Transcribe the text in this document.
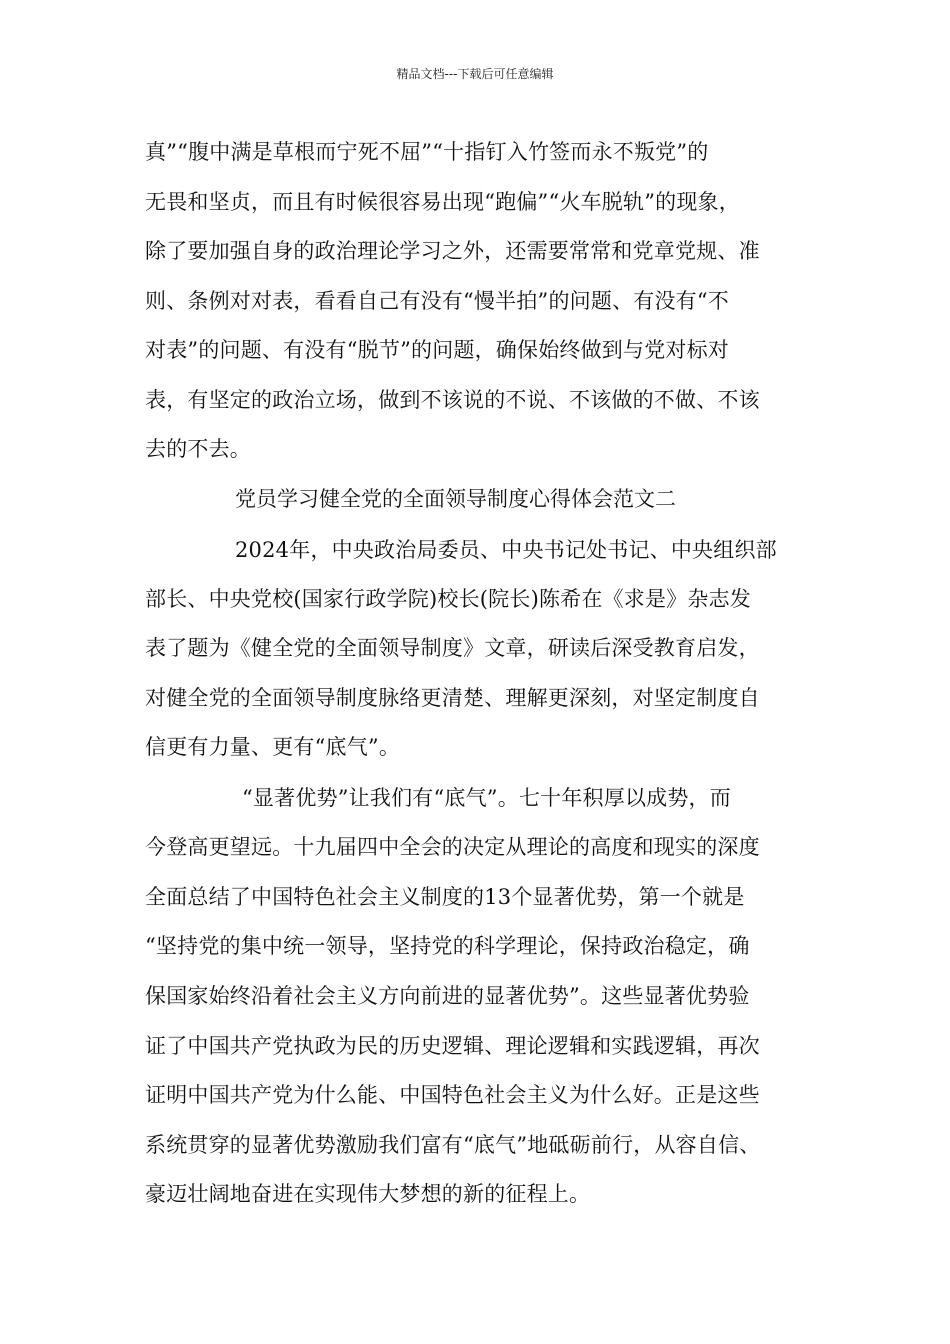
精品文档---下载后可任意编辑
真”“腹中满是草根而宁死不屈”“十指钉入竹签而永不叛党”的
无畏和坚贞，而且有时候很容易出现“跑偏”“火车脱轨”的现象，
除了要加强自身的政治理论学习之外，还需要常常和党章党规、准
则、条例对对表，看看自己有没有“慢半拍”的问题、有没有“不
对表”的问题、有没有“脱节”的问题，确保始终做到与党对标对
表，有坚定的政治立场，做到不该说的不说、不该做的不做、不该
去的不去。
党员学习健全党的全面领导制度心得体会范文二
2024年，中央政治局委员、中央书记处书记、中央组织部
部长、中央党校(国家行政学院)校长(院长)陈希在《求是》杂志发
表了题为《健全党的全面领导制度》文章，研读后深受教育启发，
对健全党的全面领导制度脉络更清楚、理解更深刻，对坚定制度自
信更有力量、更有“底气”。
“显著优势”让我们有“底气”。七十年积厚以成势，而
今登高更望远。十九届四中全会的决定从理论的高度和现实的深度
全面总结了中国特色社会主义制度的13个显著优势，第一个就是
“坚持党的集中统一领导，坚持党的科学理论，保持政治稳定，确
保国家始终沿着社会主义方向前进的显著优势”。这些显著优势验
证了中国共产党执政为民的历史逻辑、理论逻辑和实践逻辑，再次
证明中国共产党为什么能、中国特色社会主义为什么好。正是这些
系统贯穿的显著优势激励我们富有“底气”地砥砺前行，从容自信、
豪迈壮阔地奋进在实现伟大梦想的新的征程上。
